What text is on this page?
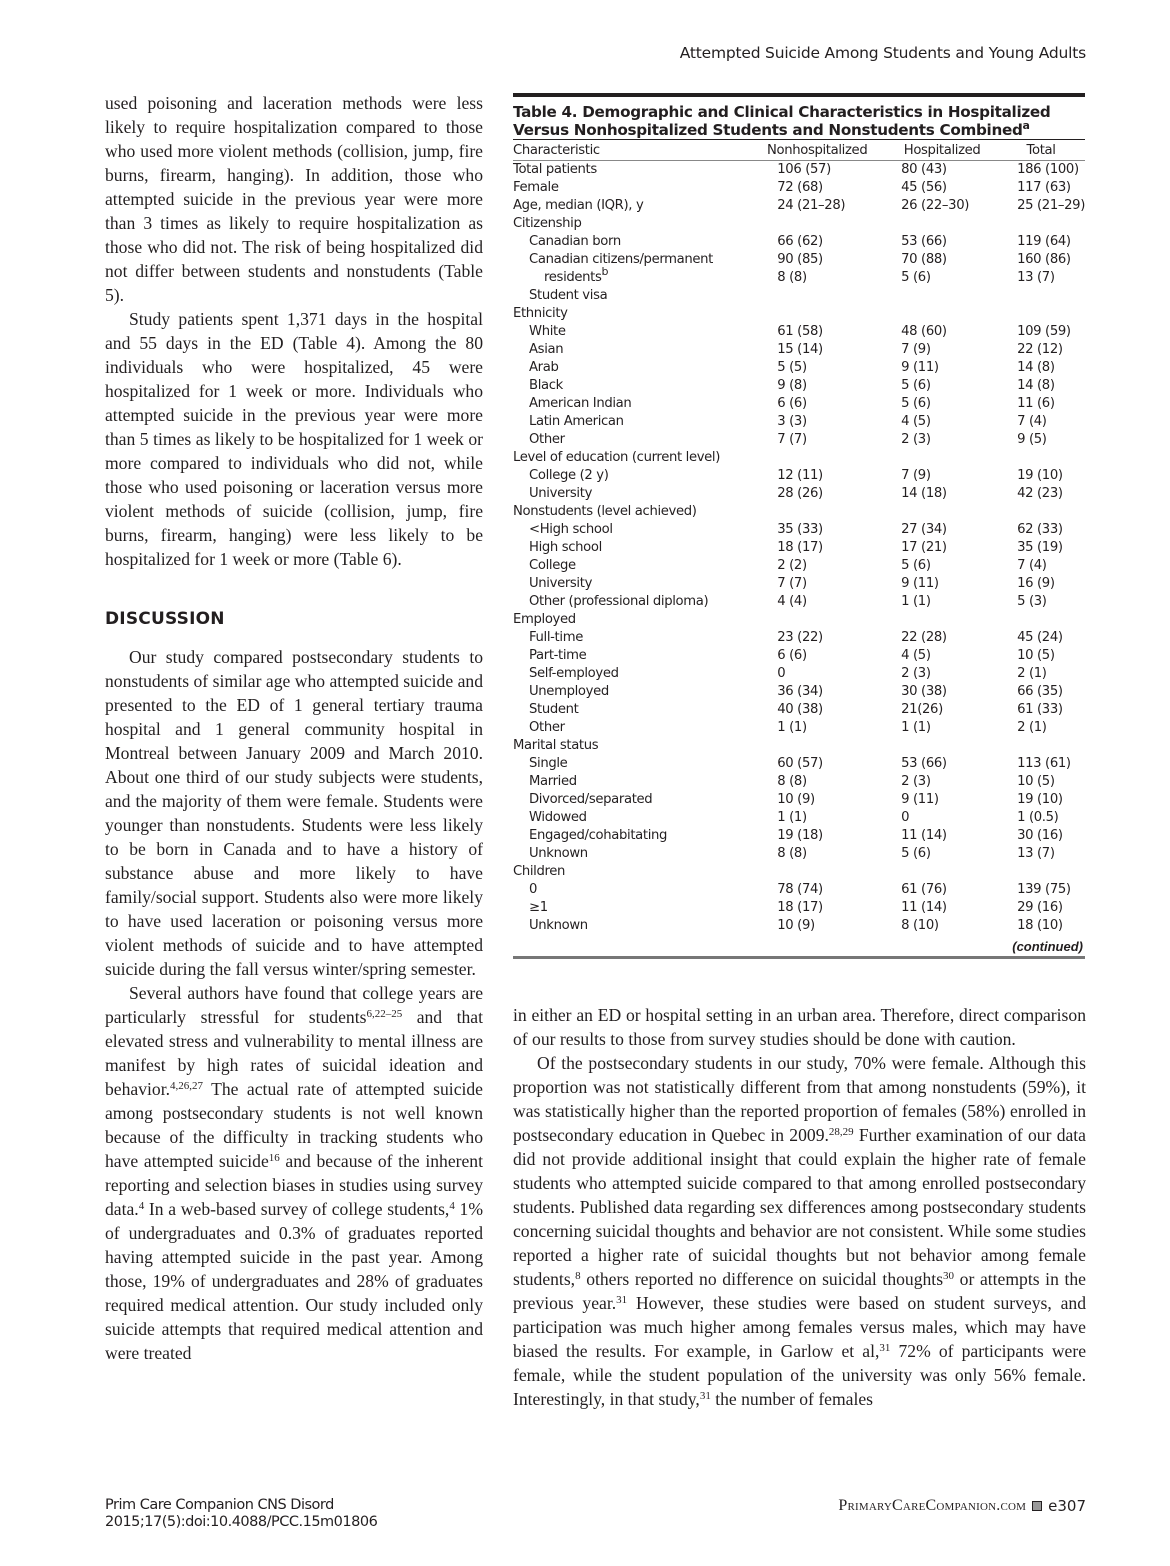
Attempted Suicide Among Students and Young Adults

used poisoning and laceration methods were less likely to require hospitalization compared to those who used more violent methods (collision, jump, fire burns, firearm, hanging). In addition, those who attempted suicide in the previous year were more than 3 times as likely to require hospitalization as those who did not. The risk of being hospitalized did not differ between students and nonstudents (Table 5).

Study patients spent 1,371 days in the hospital and 55 days in the ED (Table 4). Among the 80 individuals who were hospitalized, 45 were hospitalized for 1 week or more. Individuals who attempted suicide in the previous year were more than 5 times as likely to be hospitalized for 1 week or more compared to individuals who did not, while those who used poisoning or laceration versus more violent methods of suicide (collision, jump, fire burns, firearm, hanging) were less likely to be hospitalized for 1 week or more (Table 6).

DISCUSSION

Our study compared postsecondary students to nonstudents of similar age who attempted suicide and presented to the ED of 1 general tertiary trauma hospital and 1 general community hospital in Montreal between January 2009 and March 2010. About one third of our study subjects were students, and the majority of them were female. Students were younger than nonstudents. Students were less likely to be born in Canada and to have a history of substance abuse and more likely to have family/social support. Students also were more likely to have used laceration or poisoning versus more violent methods of suicide and to have attempted suicide during the fall versus winter/spring semester.

Several authors have found that college years are particularly stressful for students$^{6,22-25}$ and that elevated stress and vulnerability to mental illness are manifest by high rates of suicidal ideation and behavior.$^{4,26,27}$ The actual rate of attempted suicide among postsecondary students is not well known because of the difficulty in tracking students who have attempted suicide$^{16}$ and because of the inherent reporting and selection biases in studies using survey data.$^4$ In a web-based survey of college students,$^4$ 1% of undergraduates and 0.3% of graduates reported having attempted suicide in the past year. Among those, 19% of undergraduates and 28% of graduates required medical attention. Our study included only suicide attempts that required medical attention and were treated

Table 4. Demographic and Clinical Characteristics in Hospitalized Versus Nonhospitalized Students and Nonstudents Combined$^a$
Characteristic	Nonhospitalized	Hospitalized	Total
Total patients	106 (57)	80 (43)	186 (100)
Female	72 (68)	45 (56)	117 (63)
Age, median (IQR), y	24 (21–28)	26 (22–30)	25 (21–29)
Citizenship			
Canadian born	66 (62)	53 (66)	119 (64)
Canadian citizens/permanent	90 (85)	70 (88)	160 (86)
residents$^b$	8 (8)	5 (6)	13 (7)
Student visa			
Ethnicity			
White	61 (58)	48 (60)	109 (59)
Asian	15 (14)	7 (9)	22 (12)
Arab	5 (5)	9 (11)	14 (8)
Black	9 (8)	5 (6)	14 (8)
American Indian	6 (6)	5 (6)	11 (6)
Latin American	3 (3)	4 (5)	7 (4)
Other	7 (7)	2 (3)	9 (5)
Level of education (current level)			
College (2 y)	12 (11)	7 (9)	19 (10)
University	28 (26)	14 (18)	42 (23)
Nonstudents (level achieved)			
<High school	35 (33)	27 (34)	62 (33)
High school	18 (17)	17 (21)	35 (19)
College	2 (2)	5 (6)	7 (4)
University	7 (7)	9 (11)	16 (9)
Other (professional diploma)	4 (4)	1 (1)	5 (3)
Employed			
Full-time	23 (22)	22 (28)	45 (24)
Part-time	6 (6)	4 (5)	10 (5)
Self-employed	0	2 (3)	2 (1)
Unemployed	36 (34)	30 (38)	66 (35)
Student	40 (38)	21(26)	61 (33)
Other	1 (1)	1 (1)	2 (1)
Marital status			
Single	60 (57)	53 (66)	113 (61)
Married	8 (8)	2 (3)	10 (5)
Divorced/separated	10 (9)	9 (11)	19 (10)
Widowed	1 (1)	0	1 (0.5)
Engaged/cohabitating	19 (18)	11 (14)	30 (16)
Unknown	8 (8)	5 (6)	13 (7)
Children			
0	78 (74)	61 (76)	139 (75)
≥1	18 (17)	11 (14)	29 (16)
Unknown	10 (9)	8 (10)	18 (10)
(continued)

in either an ED or hospital setting in an urban area. Therefore, direct comparison of our results to those from survey studies should be done with caution.

Of the postsecondary students in our study, 70% were female. Although this proportion was not statistically different from that among nonstudents (59%), it was statistically higher than the reported proportion of females (58%) enrolled in postsecondary education in Quebec in 2009.$^{28,29}$ Further examination of our data did not provide additional insight that could explain the higher rate of female students who attempted suicide compared to that among enrolled postsecondary students. Published data regarding sex differences among postsecondary students concerning suicidal thoughts and behavior are not consistent. While some studies reported a higher rate of suicidal thoughts but not behavior among female students,$^8$ others reported no difference on suicidal thoughts$^{30}$ or attempts in the previous year.$^{31}$ However, these studies were based on student surveys, and participation was much higher among females versus males, which may have biased the results. For example, in Garlow et al,$^{31}$ 72% of participants were female, while the student population of the university was only 56% female. Interestingly, in that study,$^{31}$ the number of females

Prim Care Companion CNS Disord
2015;17(5):doi:10.4088/PCC.15m01806
PrimaryCareCompanion.com e307
